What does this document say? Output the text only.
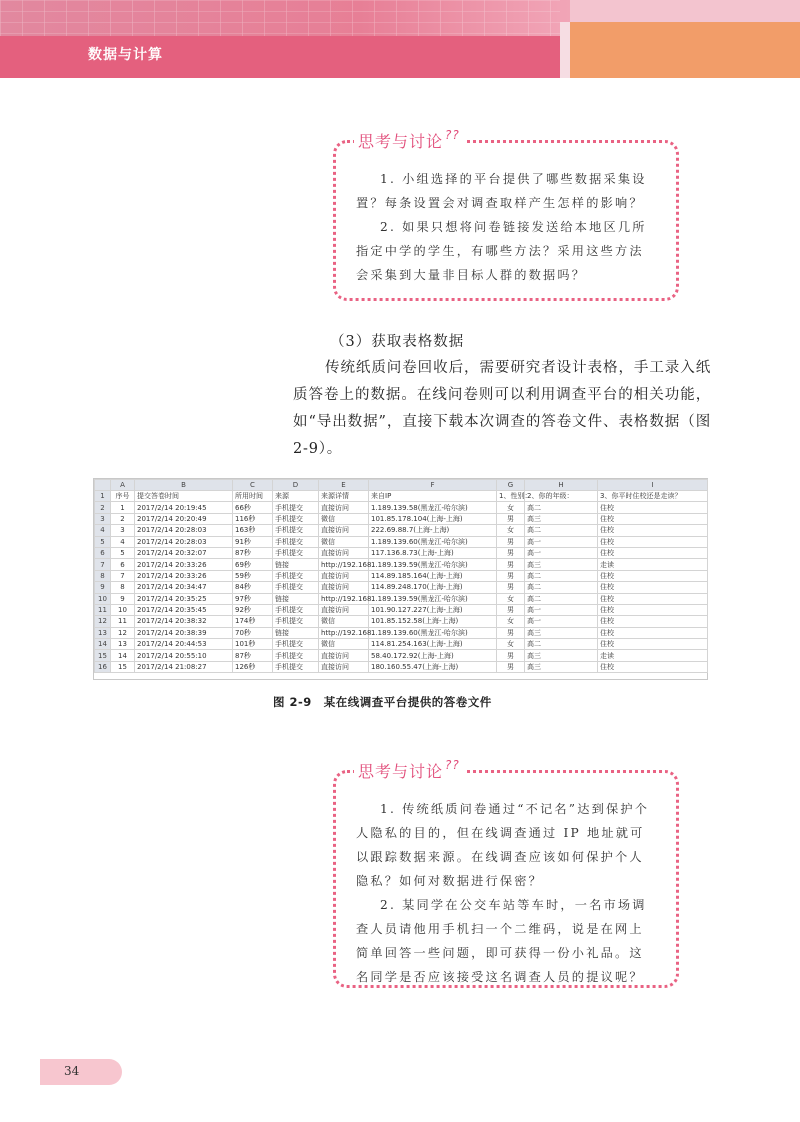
数据与计算
思考与讨论 ??

1. 小组选择的平台提供了哪些数据采集设置？每条设置会对调查取样产生怎样的影响？

2. 如果只想将问卷链接发送给本地区几所指定中学的学生，有哪些方法？采用这些方法会采集到大量非目标人群的数据吗？

（3）获取表格数据
传统纸质问卷回收后，需要研究者设计表格，手工录入纸质答卷上的数据。在线问卷则可以利用调查平台的相关功能，如“导出数据”，直接下载本次调查的答卷文件、表格数据（图 2-9）。
	A	B	C	D	E	F	G	H	I
1	序号	提交答卷时间	所用时间	来源	来源详情	来自IP	1、性别：	2、你的年级：	3、你平时住校还是走读？
2	1	2017/2/14 20:19:45	66秒	手机提交	直接访问	1.189.139.58(黑龙江-哈尔滨)	女	高二	住校
3	2	2017/2/14 20:20:49	116秒	手机提交	微信	101.85.178.104(上海-上海)	男	高三	住校
4	3	2017/2/14 20:28:03	163秒	手机提交	直接访问	222.69.88.7(上海-上海)	女	高二	住校
5	4	2017/2/14 20:28:03	91秒	手机提交	微信	1.189.139.60(黑龙江-哈尔滨)	男	高一	住校
6	5	2017/2/14 20:32:07	87秒	手机提交	直接访问	117.136.8.73(上海-上海)	男	高一	住校
7	6	2017/2/14 20:33:26	69秒	链接	http://192.168.	1.189.139.59(黑龙江-哈尔滨)	男	高三	走读
8	7	2017/2/14 20:33:26	59秒	手机提交	直接访问	114.89.185.164(上海-上海)	男	高二	住校
9	8	2017/2/14 20:34:47	84秒	手机提交	直接访问	114.89.248.170(上海-上海)	男	高二	住校
10	9	2017/2/14 20:35:25	97秒	链接	http://192.168.	1.189.139.59(黑龙江-哈尔滨)	女	高二	住校
11	10	2017/2/14 20:35:45	92秒	手机提交	直接访问	101.90.127.227(上海-上海)	男	高一	住校
12	11	2017/2/14 20:38:32	174秒	手机提交	微信	101.85.152.58(上海-上海)	女	高一	住校
13	12	2017/2/14 20:38:39	70秒	链接	http://192.168.	1.189.139.60(黑龙江-哈尔滨)	男	高三	住校
14	13	2017/2/14 20:44:53	101秒	手机提交	微信	114.81.254.163(上海-上海)	女	高二	住校
15	14	2017/2/14 20:55:10	87秒	手机提交	直接访问	58.40.172.92(上海-上海)	男	高三	走读
16	15	2017/2/14 21:08:27	126秒	手机提交	直接访问	180.160.55.47(上海-上海)	男	高三	住校
图 2-9 某在线调查平台提供的答卷文件
思考与讨论 ??

1. 传统纸质问卷通过“不记名”达到保护个人隐私的目的，但在线调查通过 IP 地址就可以跟踪数据来源。在线调查应该如何保护个人隐私？如何对数据进行保密？

2. 某同学在公交车站等车时，一名市场调查人员请他用手机扫一个二维码，说是在网上简单回答一些问题，即可获得一份小礼品。这名同学是否应该接受这名调查人员的提议呢？

34
